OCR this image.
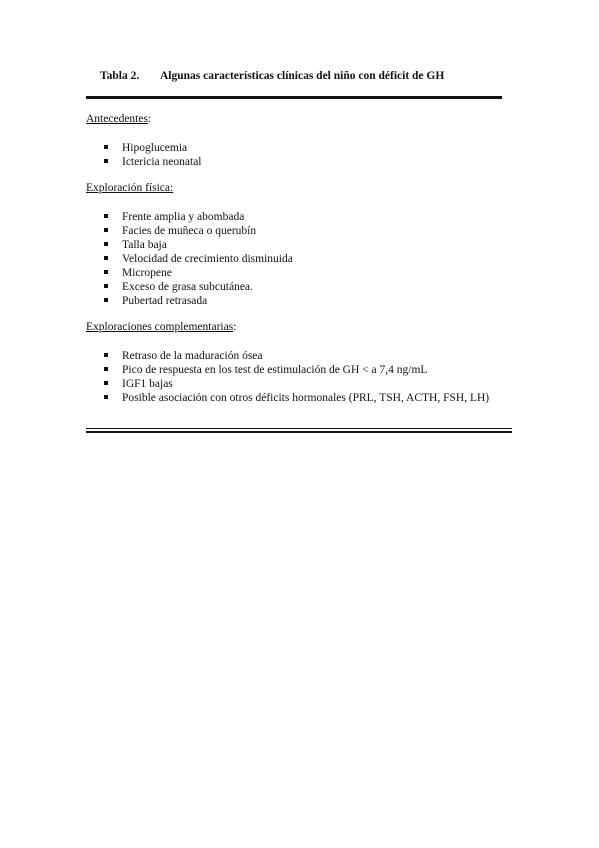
Tabla 2. Algunas características clínicas del niño con déficit de GH
Antecedentes:
Hipoglucemia
Ictericia neonatal
Exploración física:
Frente amplia y abombada
Facies de muñeca o querubín
Talla baja
Velocidad de crecimiento disminuida
Micropene
Exceso de grasa subcutánea.
Pubertad retrasada
Exploraciones complementarias:
Retraso de la maduración ósea
Pico de respuesta en los test de estimulación de GH < a 7,4 ng/mL
IGF1 bajas
Posible asociación con otros déficits hormonales (PRL, TSH, ACTH, FSH, LH)
